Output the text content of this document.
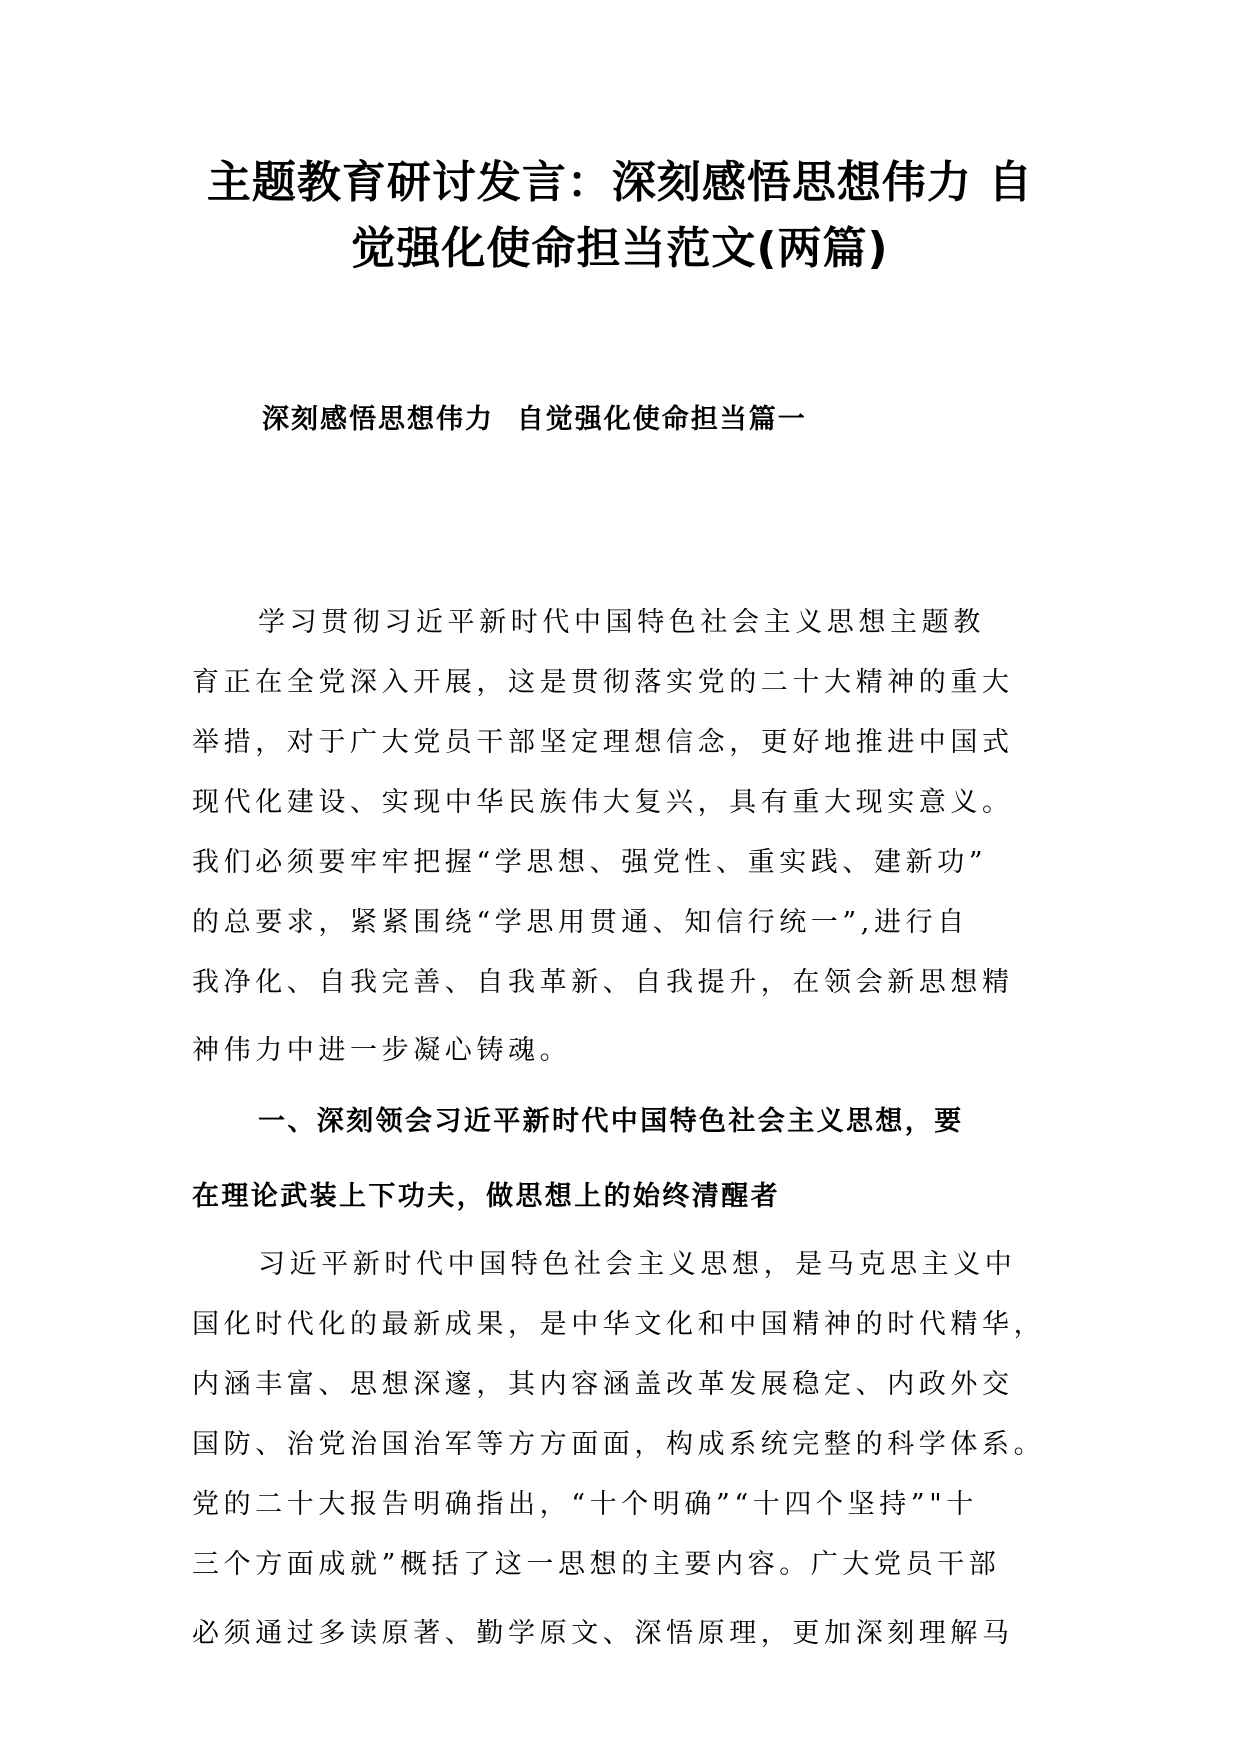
主题教育研讨发言：深刻感悟思想伟力 自
觉强化使命担当范文(两篇)
深刻感悟思想伟力  自觉强化使命担当篇一
学习贯彻习近平新时代中国特色社会主义思想主题教
育正在全党深入开展，这是贯彻落实党的二十大精神的重大
举措，对于广大党员干部坚定理想信念，更好地推进中国式
现代化建设、实现中华民族伟大复兴，具有重大现实意义。
我们必须要牢牢把握“学思想、强党性、重实践、建新功”
的总要求，紧紧围绕“学思用贯通、知信行统一”,进行自
我净化、自我完善、自我革新、自我提升，在领会新思想精
神伟力中进一步凝心铸魂。
一、深刻领会习近平新时代中国特色社会主义思想，要
在理论武装上下功夫，做思想上的始终清醒者
习近平新时代中国特色社会主义思想，是马克思主义中
国化时代化的最新成果，是中华文化和中国精神的时代精华，
内涵丰富、思想深邃，其内容涵盖改革发展稳定、内政外交
国防、治党治国治军等方方面面，构成系统完整的科学体系。
党的二十大报告明确指出，“十个明确”“十四个坚持”"十
三个方面成就”概括了这一思想的主要内容。广大党员干部
必须通过多读原著、勤学原文、深悟原理，更加深刻理解马
